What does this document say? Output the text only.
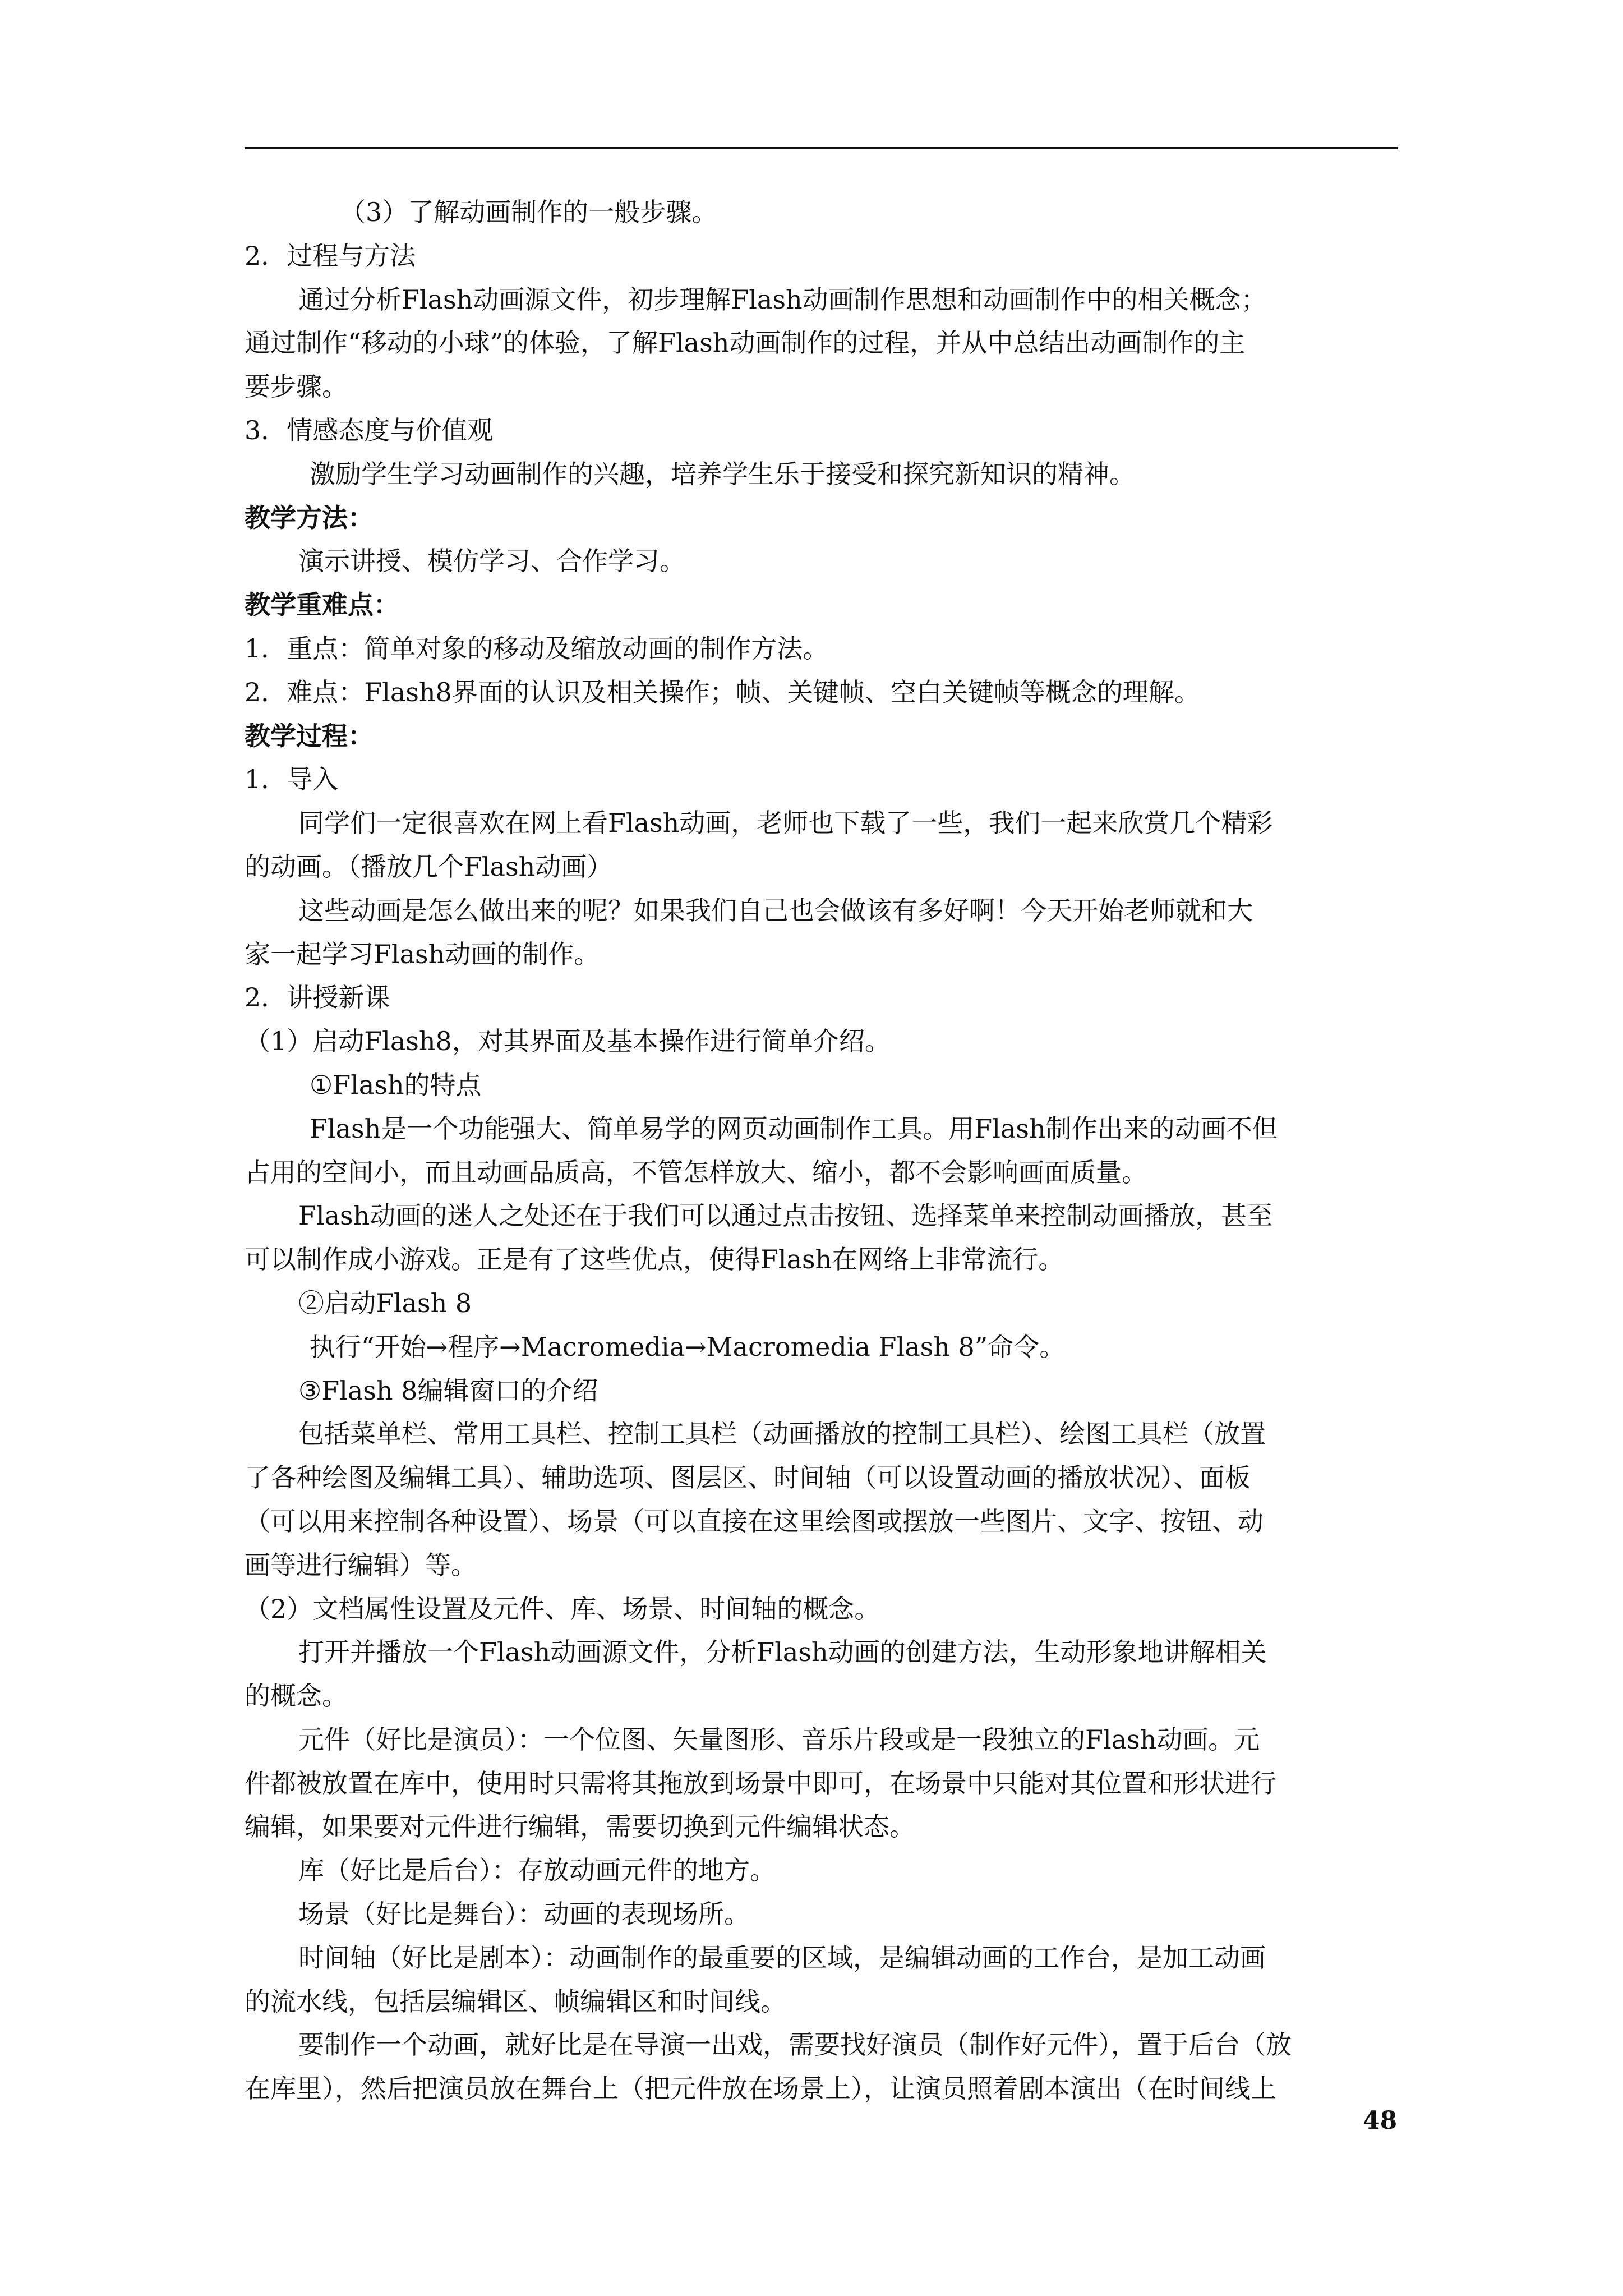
（3）了解动画制作的一般步骤。
2．过程与方法
通过分析Flash动画源文件，初步理解Flash动画制作思想和动画制作中的相关概念；
通过制作“移动的小球”的体验，了解Flash动画制作的过程，并从中总结出动画制作的主
要步骤。
3．情感态度与价值观
激励学生学习动画制作的兴趣，培养学生乐于接受和探究新知识的精神。
教学方法：
演示讲授、模仿学习、合作学习。
教学重难点：
1．重点：简单对象的移动及缩放动画的制作方法。
2．难点：Flash8界面的认识及相关操作；帧、关键帧、空白关键帧等概念的理解。
教学过程：
1．导入
同学们一定很喜欢在网上看Flash动画，老师也下载了一些，我们一起来欣赏几个精彩
的动画。（播放几个Flash动画）
这些动画是怎么做出来的呢？如果我们自己也会做该有多好啊！今天开始老师就和大
家一起学习Flash动画的制作。
2．讲授新课
（1）启动Flash8，对其界面及基本操作进行简单介绍。
①Flash的特点
Flash是一个功能强大、简单易学的网页动画制作工具。用Flash制作出来的动画不但
占用的空间小，而且动画品质高，不管怎样放大、缩小，都不会影响画面质量。
Flash动画的迷人之处还在于我们可以通过点击按钮、选择菜单来控制动画播放，甚至
可以制作成小游戏。正是有了这些优点，使得Flash在网络上非常流行。
②启动Flash 8
执行“开始→程序→Macromedia→Macromedia Flash 8”命令。
③Flash 8编辑窗口的介绍
包括菜单栏、常用工具栏、控制工具栏（动画播放的控制工具栏）、绘图工具栏（放置
了各种绘图及编辑工具）、辅助选项、图层区、时间轴（可以设置动画的播放状况）、面板
（可以用来控制各种设置）、场景（可以直接在这里绘图或摆放一些图片、文字、按钮、动
画等进行编辑）等。
（2）文档属性设置及元件、库、场景、时间轴的概念。
打开并播放一个Flash动画源文件，分析Flash动画的创建方法，生动形象地讲解相关
的概念。
元件（好比是演员）：一个位图、矢量图形、音乐片段或是一段独立的Flash动画。元
件都被放置在库中，使用时只需将其拖放到场景中即可，在场景中只能对其位置和形状进行
编辑，如果要对元件进行编辑，需要切换到元件编辑状态。
库（好比是后台）：存放动画元件的地方。
场景（好比是舞台）：动画的表现场所。
时间轴（好比是剧本）：动画制作的最重要的区域，是编辑动画的工作台，是加工动画
的流水线，包括层编辑区、帧编辑区和时间线。
要制作一个动画，就好比是在导演一出戏，需要找好演员（制作好元件），置于后台（放
在库里），然后把演员放在舞台上（把元件放在场景上），让演员照着剧本演出（在时间线上
48
